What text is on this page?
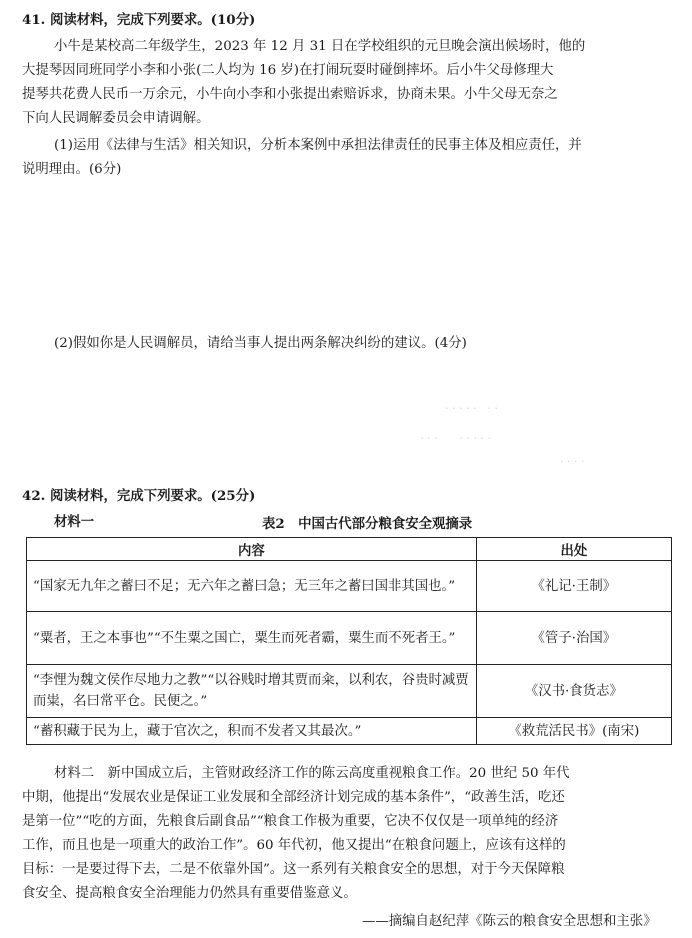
41. 阅读材料，完成下列要求。(10分)
小牛是某校高二年级学生，2023 年 12 月 31 日在学校组织的元旦晚会演出候场时，他的
大提琴因同班同学小李和小张(二人均为 16 岁)在打闹玩耍时碰倒摔坏。后小牛父母修理大
提琴共花费人民币一万余元，小牛向小李和小张提出索赔诉求，协商未果。小牛父母无奈之
下向人民调解委员会申请调解。
(1)运用《法律与生活》相关知识，分析本案例中承担法律责任的民事主体及相应责任，并
说明理由。(6分)
(2)假如你是人民调解员，请给当事人提出两条解决纠纷的建议。(4分)
· · · · ·　· ·
· · ·　　· · · · ·
· · · ·
42. 阅读材料，完成下列要求。(25分)
材料一	表2　中国古代部分粮食安全观摘录
内容	出处
“国家无九年之蓄曰不足；无六年之蓄曰急；无三年之蓄曰国非其国也。”	《礼记·王制》
“粟者，王之本事也”“不生粟之国亡，粟生而死者霸，粟生而不死者王。”	《管子·治国》
“李悝为魏文侯作尽地力之教”“以谷贱时增其贾而籴，以利农，谷贵时减贾而粜，名曰常平仓。民便之。”	《汉书·食货志》
“蓄积藏于民为上，藏于官次之，积而不发者又其最次。”	《救荒活民书》(南宋)
材料二　新中国成立后，主管财政经济工作的陈云高度重视粮食工作。20 世纪 50 年代
中期，他提出“发展农业是保证工业发展和全部经济计划完成的基本条件”，“政善生活，吃还
是第一位”“吃的方面，先粮食后副食品”“粮食工作极为重要，它决不仅仅是一项单纯的经济
工作，而且也是一项重大的政治工作”。60 年代初，他又提出“在粮食问题上，应该有这样的
目标：一是要过得下去，二是不依靠外国”。这一系列有关粮食安全的思想，对于今天保障粮
食安全、提高粮食安全治理能力仍然具有重要借鉴意义。
——摘编自赵纪萍《陈云的粮食安全思想和主张》
